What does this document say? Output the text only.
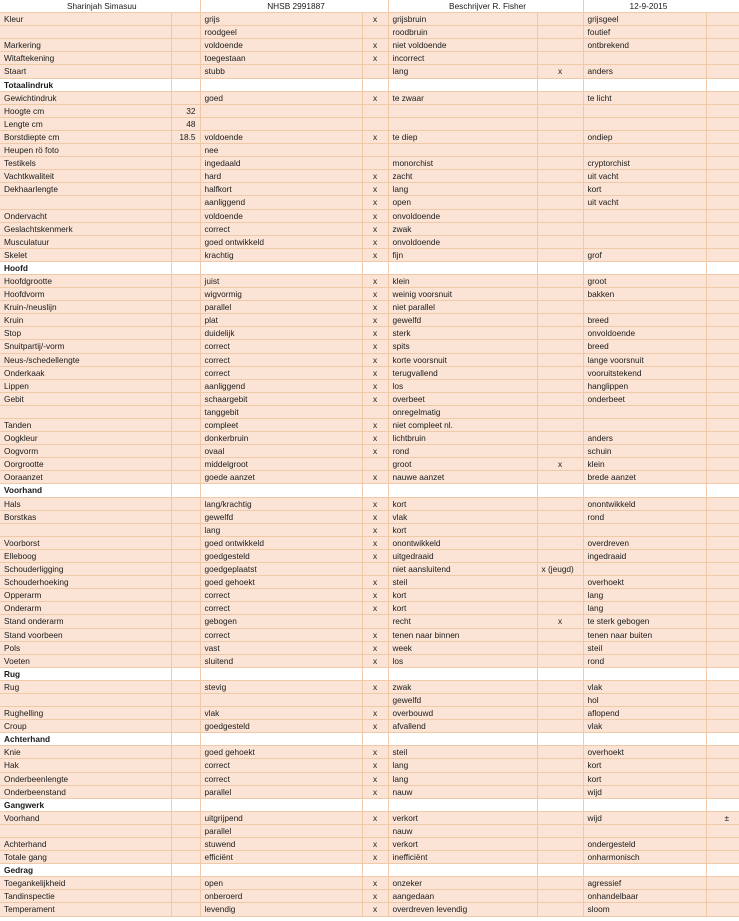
Sharinjah Simasuu		NHSB 2991887		Beschrijver R. Fisher		12-9-2015	
Kleur		grijs	x	grijsbruin		grijsgeel	
		roodgeel		roodbruin		foutief	
Markering		voldoende	x	niet voldoende		ontbrekend	
Witaftekening		toegestaan	x	incorrect			
Staart		stubb		lang	x	anders	
Totaalindruk							
Gewichtindruk		goed	x	te zwaar		te licht	
Hoogte cm	32						
Lengte cm	48						
Borstdiepte cm	18.5	voldoende	x	te diep		ondiep	
Heupen rö foto		nee					
Testikels		ingedaald		monorchist		cryptorchist	
Vachtkwaliteit		hard	x	zacht		uit vacht	
Dekhaarlengte		halfkort	x	lang		kort	
		aanliggend	x	open		uit vacht	
Ondervacht		voldoende	x	onvoldoende			
Geslachtskenmerk		correct	x	zwak			
Musculatuur		goed ontwikkeld	x	onvoldoende			
Skelet		krachtig	x	fijn		grof	
Hoofd							
Hoofdgrootte		juist	x	klein		groot	
Hoofdvorm		wigvormig	x	weinig voorsnuit		bakken	
Kruin-/neuslijn		parallel	x	niet parallel			
Kruin		plat	x	gewelfd		breed	
Stop		duidelijk	x	sterk		onvoldoende	
Snuitpartij/-vorm		correct	x	spits		breed	
Neus-/schedellengte		correct	x	korte voorsnuit		lange voorsnuit	
Onderkaak		correct	x	terugvallend		vooruitstekend	
Lippen		aanliggend	x	los		hanglippen	
Gebit		schaargebit	x	overbeet		onderbeet	
		tanggebit		onregelmatig			
Tanden		compleet	x	niet compleet nl.			
Oogkleur		donkerbruin	x	lichtbruin		anders	
Oogvorm		ovaal	x	rond		schuin	
Oorgrootte		middelgroot		groot	x	klein	
Ooraanzet		goede aanzet	x	nauwe aanzet		brede aanzet	
Voorhand							
Hals		lang/krachtig	x	kort		onontwikkeld	
Borstkas		gewelfd	x	vlak		rond	
		lang	x	kort			
Voorborst		goed ontwikkeld	x	onontwikkeld		overdreven	
Elleboog		goedgesteld	x	uitgedraaid		ingedraaid	
Schouderligging		goedgeplaatst		niet aansluitend	x (jeugd)		
Schouderhoeking		goed gehoekt	x	steil		overhoekt	
Opperarm		correct	x	kort		lang	
Onderarm		correct	x	kort		lang	
Stand onderarm		gebogen		recht	x	te sterk gebogen	
Stand voorbeen		correct	x	tenen naar binnen		tenen naar buiten	
Pols		vast	x	week		steil	
Voeten		sluitend	x	los		rond	
Rug							
Rug		stevig	x	zwak		vlak	
				gewelfd		hol	
Rughelling		vlak	x	overbouwd		aflopend	
Croup		goedgesteld	x	afvallend		vlak	
Achterhand							
Knie		goed gehoekt	x	steil		overhoekt	
Hak		correct	x	lang		kort	
Onderbeenlengte		correct	x	lang		kort	
Onderbeenstand		parallel	x	nauw		wijd	
Gangwerk							
Voorhand		uitgrijpend	x	verkort		wijd	±
		parallel		nauw			
Achterhand		stuwend	x	verkort		ondergesteld	
Totale gang		efficiënt	x	inefficiënt		onharmonisch	
Gedrag							
Toegankelijkheid		open	x	onzeker		agressief	
Tandinspectie		onberoerd	x	aangedaan		onhandelbaar	
Temperament		levendig	x	overdreven levendig		sloom	
